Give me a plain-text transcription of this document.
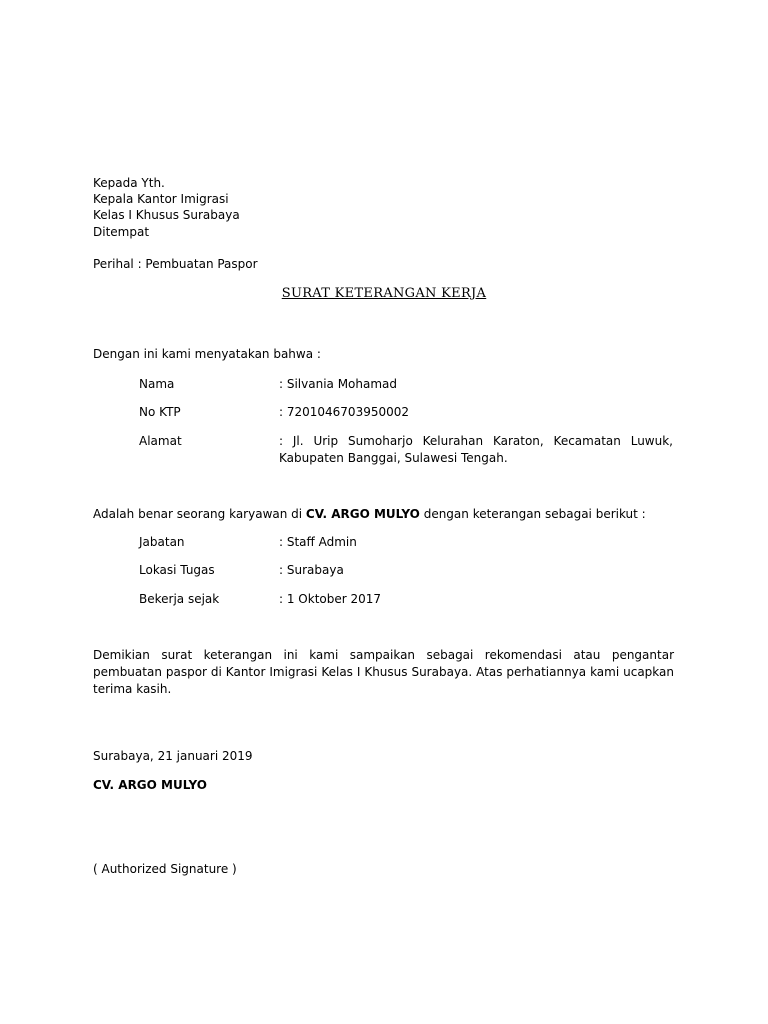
Kepada Yth.
Kepala Kantor Imigrasi
Kelas I Khusus Surabaya
Ditempat
Perihal : Pembuatan Paspor
SURAT KETERANGAN KERJA
Dengan ini kami menyatakan bahwa :
Nama	: Silvania Mohamad
No KTP	: 7201046703950002
Alamat	: Jl. Urip Sumoharjo Kelurahan Karaton, Kecamatan Luwuk, Kabupaten Banggai, Sulawesi Tengah.
Adalah benar seorang karyawan di CV. ARGO MULYO dengan keterangan sebagai berikut :
Jabatan	: Staff Admin
Lokasi Tugas	: Surabaya
Bekerja sejak	: 1 Oktober 2017
Demikian surat keterangan ini kami sampaikan sebagai rekomendasi atau pengantar pembuatan paspor di Kantor Imigrasi Kelas I Khusus Surabaya. Atas perhatiannya kami ucapkan terima kasih.
Surabaya, 21 januari 2019
CV. ARGO MULYO
( Authorized Signature )
